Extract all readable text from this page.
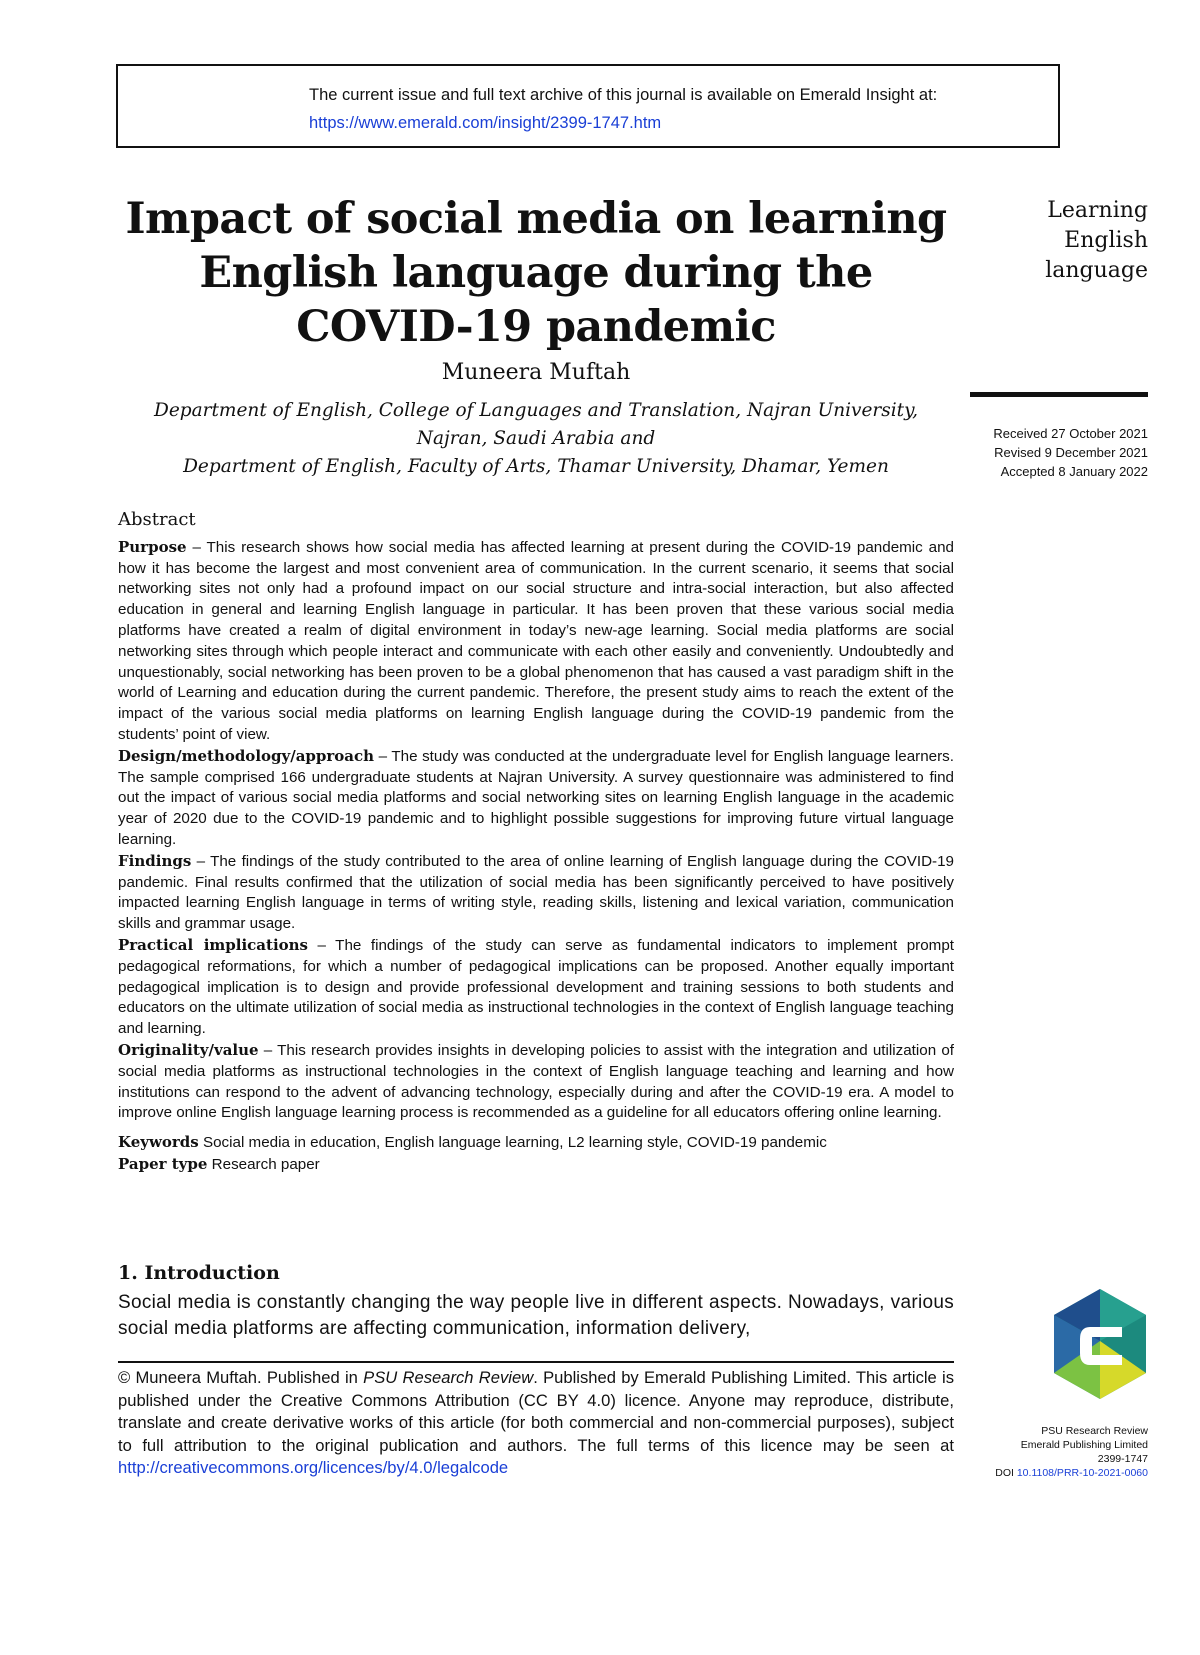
The current issue and full text archive of this journal is available on Emerald Insight at:
https://www.emerald.com/insight/2399-1747.htm
Impact of social media on learning English language during the COVID-19 pandemic
Muneera Muftah
Department of English, College of Languages and Translation, Najran University,
Najran, Saudi Arabia and
Department of English, Faculty of Arts, Thamar University, Dhamar, Yemen
Learning
English
language
Received 27 October 2021
Revised 9 December 2021
Accepted 8 January 2022
Abstract

Purpose – This research shows how social media has affected learning at present during the COVID-19 pandemic and how it has become the largest and most convenient area of communication. In the current scenario, it seems that social networking sites not only had a profound impact on our social structure and intra-social interaction, but also affected education in general and learning English language in particular. It has been proven that these various social media platforms have created a realm of digital environment in today’s new-age learning. Social media platforms are social networking sites through which people interact and communicate with each other easily and conveniently. Undoubtedly and unquestionably, social networking has been proven to be a global phenomenon that has caused a vast paradigm shift in the world of Learning and education during the current pandemic. Therefore, the present study aims to reach the extent of the impact of the various social media platforms on learning English language during the COVID-19 pandemic from the students’ point of view.

Design/methodology/approach – The study was conducted at the undergraduate level for English language learners. The sample comprised 166 undergraduate students at Najran University. A survey questionnaire was administered to find out the impact of various social media platforms and social networking sites on learning English language in the academic year of 2020 due to the COVID-19 pandemic and to highlight possible suggestions for improving future virtual language learning.

Findings – The findings of the study contributed to the area of online learning of English language during the COVID-19 pandemic. Final results confirmed that the utilization of social media has been significantly perceived to have positively impacted learning English language in terms of writing style, reading skills, listening and lexical variation, communication skills and grammar usage.

Practical implications – The findings of the study can serve as fundamental indicators to implement prompt pedagogical reformations, for which a number of pedagogical implications can be proposed. Another equally important pedagogical implication is to design and provide professional development and training sessions to both students and educators on the ultimate utilization of social media as instructional technologies in the context of English language teaching and learning.

Originality/value – This research provides insights in developing policies to assist with the integration and utilization of social media platforms as instructional technologies in the context of English language teaching and learning and how institutions can respond to the advent of advancing technology, especially during and after the COVID-19 era. A model to improve online English language learning process is recommended as a guideline for all educators offering online learning.

Keywords Social media in education, English language learning, L2 learning style, COVID-19 pandemic

Paper type Research paper

1. Introduction
Social media is constantly changing the way people live in different aspects. Nowadays, various social media platforms are affecting communication, information delivery,
© Muneera Muftah. Published in PSU Research Review. Published by Emerald Publishing Limited. This article is published under the Creative Commons Attribution (CC BY 4.0) licence. Anyone may reproduce, distribute, translate and create derivative works of this article (for both commercial and non-commercial purposes), subject to full attribution to the original publication and authors. The full terms of this licence may be seen at http://creativecommons.org/licences/by/4.0/legalcode
PSU Research Review
Emerald Publishing Limited
2399-1747
DOI 10.1108/PRR-10-2021-0060
